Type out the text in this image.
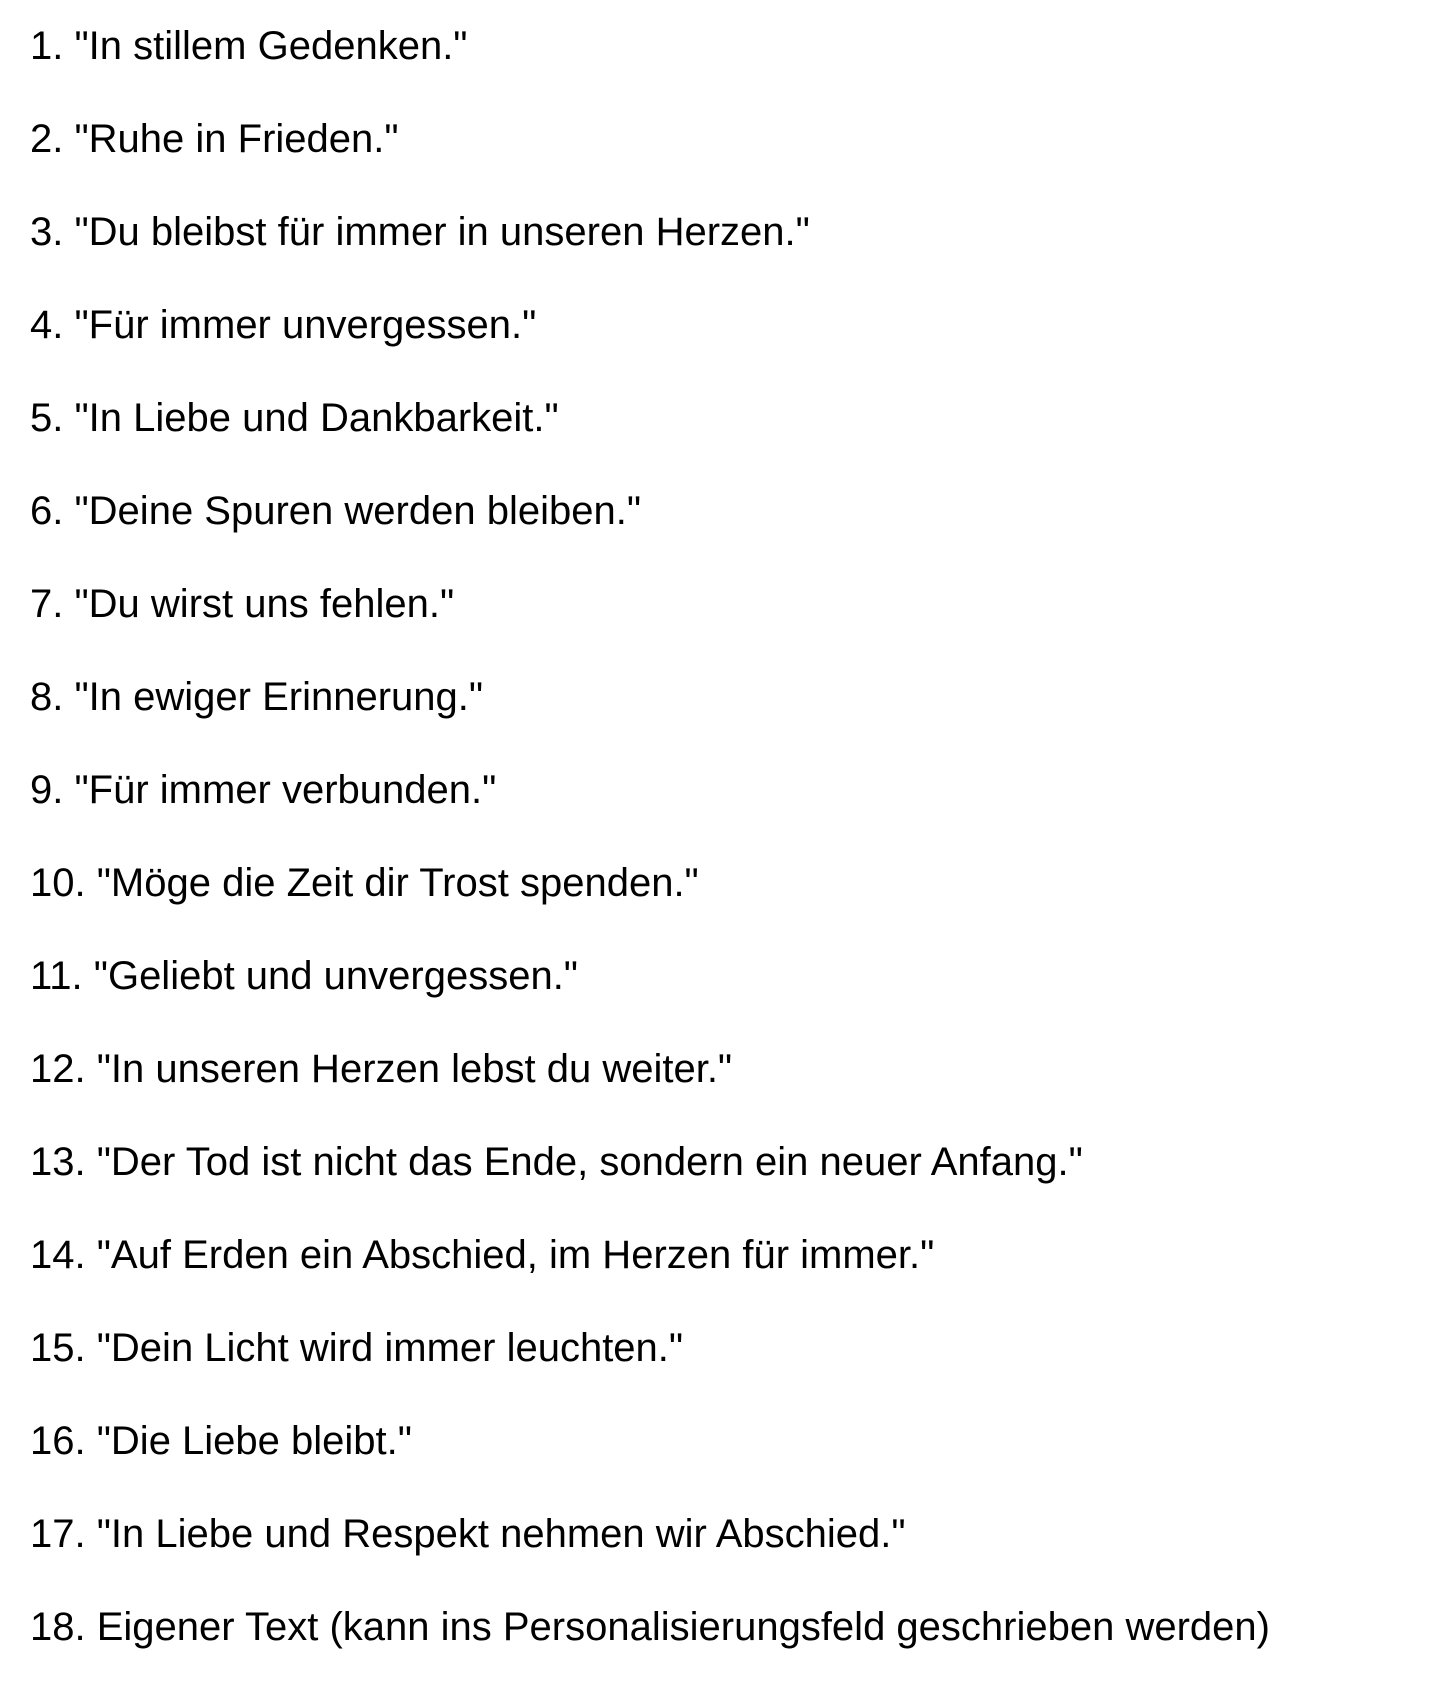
1. "In stillem Gedenken."
2. "Ruhe in Frieden."
3. "Du bleibst für immer in unseren Herzen."
4. "Für immer unvergessen."
5. "In Liebe und Dankbarkeit."
6. "Deine Spuren werden bleiben."
7. "Du wirst uns fehlen."
8. "In ewiger Erinnerung."
9. "Für immer verbunden."
10. "Möge die Zeit dir Trost spenden."
11. "Geliebt und unvergessen."
12. "In unseren Herzen lebst du weiter."
13. "Der Tod ist nicht das Ende, sondern ein neuer Anfang."
14. "Auf Erden ein Abschied, im Herzen für immer."
15. "Dein Licht wird immer leuchten."
16. "Die Liebe bleibt."
17. "In Liebe und Respekt nehmen wir Abschied."
18. Eigener Text (kann ins Personalisierungsfeld geschrieben werden)
